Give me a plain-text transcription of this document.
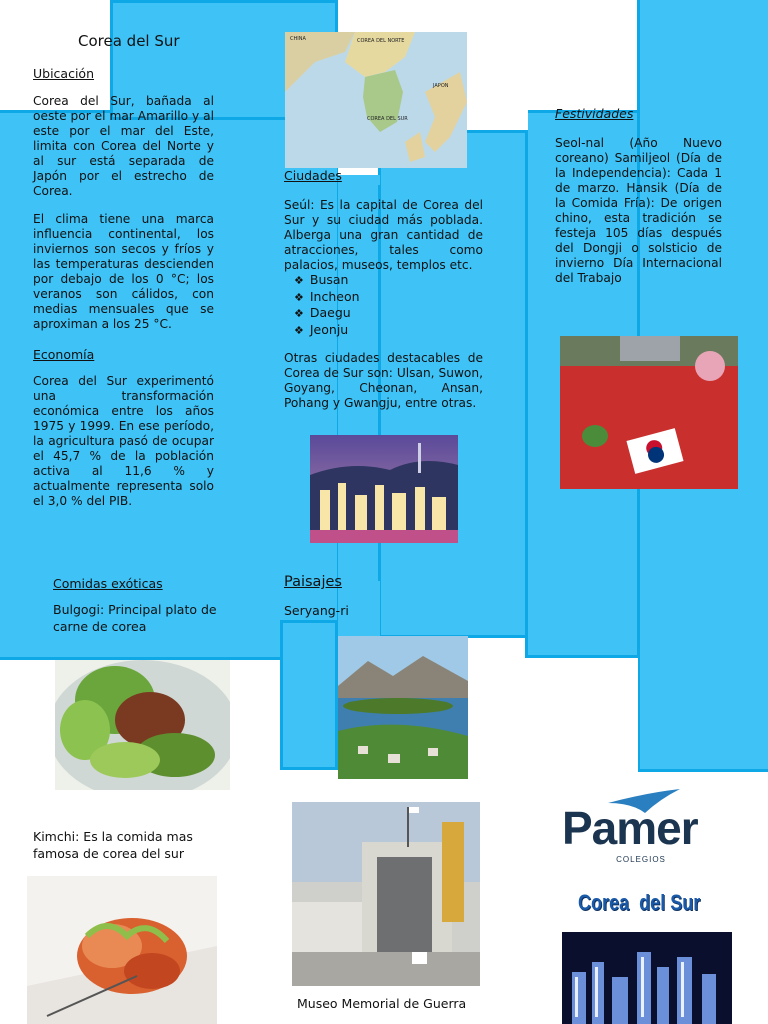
Corea del Sur
Ubicación
Corea del Sur, bañada al oeste por el mar Amarillo y al este por el mar del Este, limita con Corea del Norte y al sur está separada de Japón por el estrecho de Corea.
El clima tiene una marca influencia continental, los inviernos son secos y fríos y las temperaturas descienden por debajo de los 0 °C; los veranos son cálidos, con medias mensuales que se aproximan a los 25 °C.
Economía
Corea del Sur experimentó una transformación económica entre los años 1975 y 1999. En ese período, la agricultura pasó de ocupar el 45,7 % de la población activa al 11,6 % y actualmente representa solo el 3,0 % del PIB.
Comidas exóticas
Bulgogi: Principal plato de carne de corea
Kimchi: Es la comida mas famosa de corea del sur
CHINA	COREA DEL NORTE
JAPON
COREA DEL SUR
Ciudades
Seúl: Es la capital de Corea del Sur y su ciudad más poblada. Alberga una gran cantidad de atracciones, tales como palacios, museos, templos etc.
❖ Busan
❖ Incheon
❖ Daegu
❖ Jeonju
Otras ciudades destacables de Corea de Sur son: Ulsan, Suwon, Goyang, Cheonan, Ansan, Pohang y Gwangju, entre otras.
Paisajes
Seryang-ri
Museo Memorial de Guerra
Festividades
Seol-nal (Año Nuevo coreano) Samiljeol (Día de la Independencia): Cada 1 de marzo. Hansik (Día de la Comida Fría): De origen chino, esta tradición se festeja 105 días después del Dongji o solsticio de invierno Día Internacional del Trabajo
Pamer
COLEGIOS
Corea  del Sur
